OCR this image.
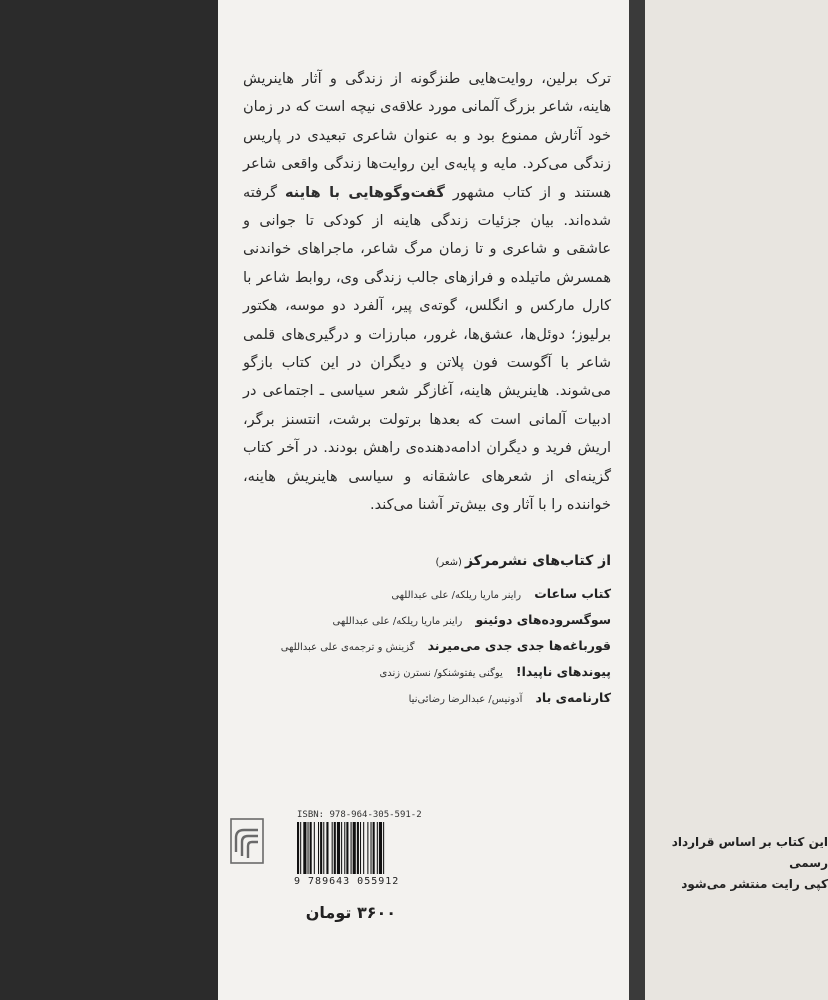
ترک برلین، روایت‌هایی طنزگونه از زندگی و آثار هاینریش هاینه، شاعر بزرگ آلمانی مورد علاقه‌ی نیچه است که در زمان خود آثارش ممنوع بود و به عنوان شاعری تبعیدی در پاریس زندگی می‌کرد. مایه و پایه‌ی این روایت‌ها زندگی واقعی شاعر هستند و از کتاب مشهور گفت‌وگوهایی با هاینه گرفته شده‌اند. بیان جزئیات زندگی هاینه از کودکی تا جوانی و عاشقی و شاعری و تا زمان مرگ شاعر، ماجراهای خواندنی همسرش ماتیلده و فرازهای جالب زندگی وی، روابط شاعر با کارل مارکس و انگلس، گوته‌ی پیر، آلفرد دو موسه، هکتور برلیوز؛ دوئل‌ها، عشق‌ها، غرور، مبارزات و درگیری‌های قلمی شاعر با آگوست فون پلاتن و دیگران در این کتاب بازگو می‌شوند. هاینریش هاینه، آغازگر شعر سیاسی ـ اجتماعی در ادبیات آلمانی است که بعدها برتولت برشت، انتسنز برگر، اریش فرید و دیگران ادامه‌دهنده‌ی راهش بودند. در آخر کتاب گزینه‌ای از شعرهای عاشقانه و سیاسی هاینریش هاینه، خواننده را با آثار وی بیش‌تر آشنا می‌کند.

از کتاب‌های نشرمرکز(شعر)
کتاب ساعات راینر ماریا ریلکه/ علی عبداللهی
سوگسروده‌های دوئینو راینر ماریا ریلکه/ علی عبداللهی
قورباغه‌ها جدی جدی می‌میرند گزینش و ترجمه‌ی علی عبداللهی
پیوندهای ناپیدا! یوگنی یفتوشنکو/ نسترن زندی
کارنامه‌ی باد آدونیس/ عبدالرضا رضائی‌نیا
این کتاب بر اساس قرارداد رسمی
کپی رایت منتشر می‌شود
ISBN: 978-964-305-591-2
9 789643 055912
۳۶۰۰ تومان
